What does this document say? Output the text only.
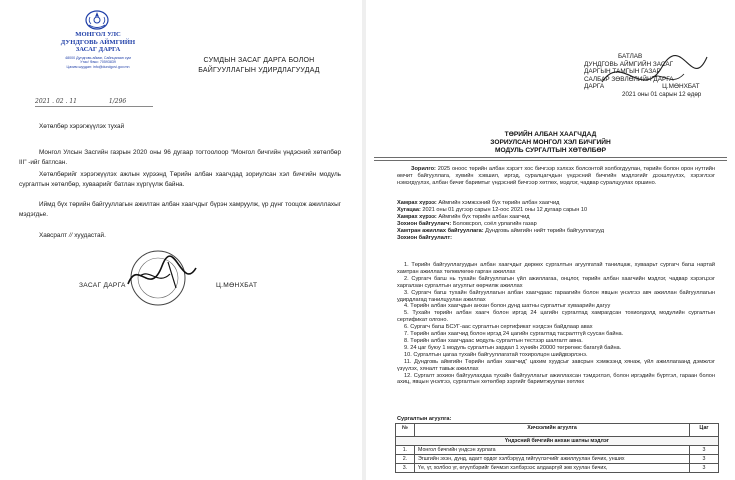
МОНГОЛ УЛС
ДУНДГОВЬ АЙМГИЙН
ЗАСАГ ДАРГА
48000 Дундговь аймаг, Сайнцагаан сум
Утас/ Факс: 70593839
Цахим шуудан: info@dundgovi.gov.mn
СУМДЫН ЗАСАГ ДАРГА БОЛОН
БАЙГУУЛЛАГЫН УДИРДЛАГУУДАД
2021 . 02 . 11	1/296
Хөтөлбөр хэрэгжүүлэх тухай
Монгол Улсын Засгийн газрын 2020 оны 96 дугаар тогтоолоор “Монгол бичгийн үндэсний хөтөлбөр III” -ийг батлсан.
Хөтөлбөрийг хэрэгжүүлэх ажлын хүрээнд Төрийн албан хаагчдад зориулсан хэл бичгийн модуль сургалтын хөтөлбөр, хуваарийг батлан хүргүүлж байна.
Иймд бүх төрийн байгууллагын ажилтан албан хаагчдыг бүрэн хамруулж, үр дүнг тооцож ажиллахыг мэдэгдье.
Хавсралт // хуудастай.
ЗАСАГ ДАРГА	Ц.МӨНХБАТ
БАТЛАВ
ДУНДГОВЬ АЙМГИЙН ЗАСАГ
ДАРГЫН ТАМГЫН ГАЗАР
САЛБАР ЗӨВЛӨЛИЙН ДАРГА
ДАРГА	Ц.МӨНХБАТ
2021 оны 01 сарын 12 өдөр
ТӨРИЙН АЛБАН ХААГЧДАД
ЗОРИУЛСАН МОНГОЛ ХЭЛ БИЧГИЙН
МОДУЛЬ СУРГАЛТЫН ХӨТӨЛБӨР
Зорилго: 2025 оноос төрийн албан хэрэгт хос бичгээр хэлхэх болсонтой холбогдуулан, төрийн болон орон нутгийн өмчит байгууллага, хувийн хэвшил, иргэд, суралцагчдын үндэсний бичгийн мэдлэгийг дээшлүүлэх, хэрэглээг нэмэгдүүлэх, албан бичиг баримтыг үндэсний бичгээр хөтлөх, мэдлэг, чадвар суралцуулах оршино.
Хамрах хүрээ: Аймгийн хэмжээний бүх төрийн албан хаагчид
Хугацаа: 2021 оны 01 дүгээр сарын 12-оос 2021 оны 12 дугаар сарын 10
Хамрах хүрээ: Аймгийн бүх төрийн албан хаагчид
Зохион байгуулагч: Боловсрол, соёл урлагийн газар
Хамтран ажиллах байгууллага: Дундговь аймгийн нийт төрийн байгууллагууд
Зохион байгуулалт:
1. Төрийн байгууллагуудын албан хаагчдыг дөрөөх сургалтын агуулгатай танилцаж, хуваарьт сургагч багш нартай хамтран ажиллах төлөвлөгөө гарган ажиллах
2. Сургагч багш нь тухайн байгууллагын үйл ажиллагаа, онцлог, төрийн албан хаагчийн мэдлэг, чадвар хэрэгцээг харгалзан сургалтын агуулгыг өөрчилж ажиллах
3. Сургагч багш тухайн байгууллагын албан хаагчдаас гараагийн болон явцын үнэлгээ авч ажиллан байгууллагын удирдлагад танилцуулан ажиллах
4. Төрийн албан хаагчдын анхан болон дунд шатны сургалтыг хуваарийн дагуу
5. Тухайн төрийн албан хаагч болон иргэд 24 цагийн сургалтад хамрагдсан тохиолдолд модулийн сургалтын сертификат олгоно.
6. Сургагч багш БСУГ-аас сургалтын сертификат нэгдсэн байдлаар авах
7. Төрийн албан хаагчид болон иргэд 24 цагийн сургалтад тасралтгүй суусан байна.
8. Төрийн албан хаагчдаас модуль сургалтын тестээр шалгалт авна.
9. 24 цаг буюу 1 модуль сургалтын зардал 1 хүнийн 20000 төгрөгөөс багагүй байна.
10. Сургалтын цагаа тухайн байгууллагатай тохиролцон шийдвэрлэнэ.
11. Дундговь аймгийн Төрийн албан хаагчид” цахим хуудсыг завсрын хэмжээнд хянаж, үйл ажиллагаанд дэмжлэг үзүүлэх, хяналт тавьж ажиллах
12. Сургалт зохион байгуулахдаа тухайн байгууллагыг ажиллахсан тэмдэглэл, болон иргэдийн бүртгэл, гараан болон ахиц, явцын үнэлгээ, сургалтын хөтөлбөр зэргийг баримтжуулан хөтлөх
Сургалтын агуулга:
№	Хичээлийн агуулга	Цаг
Үндэсний бичгийн анхан шатны мэдлэг		
1.	Монгол бичгийн үндсэн зурлага	3
2.	Эгшгийн эхэн, дунд, адагт ордог хэлбэрүүд гийгүүлэгчийг ажиллуулан бичих, унших	3
3.	Үе, үг, холбоо үг, өгүүлбэрийг бичмэл хэлбэрээс алдааргүй зөв хуулан бичих,	3
